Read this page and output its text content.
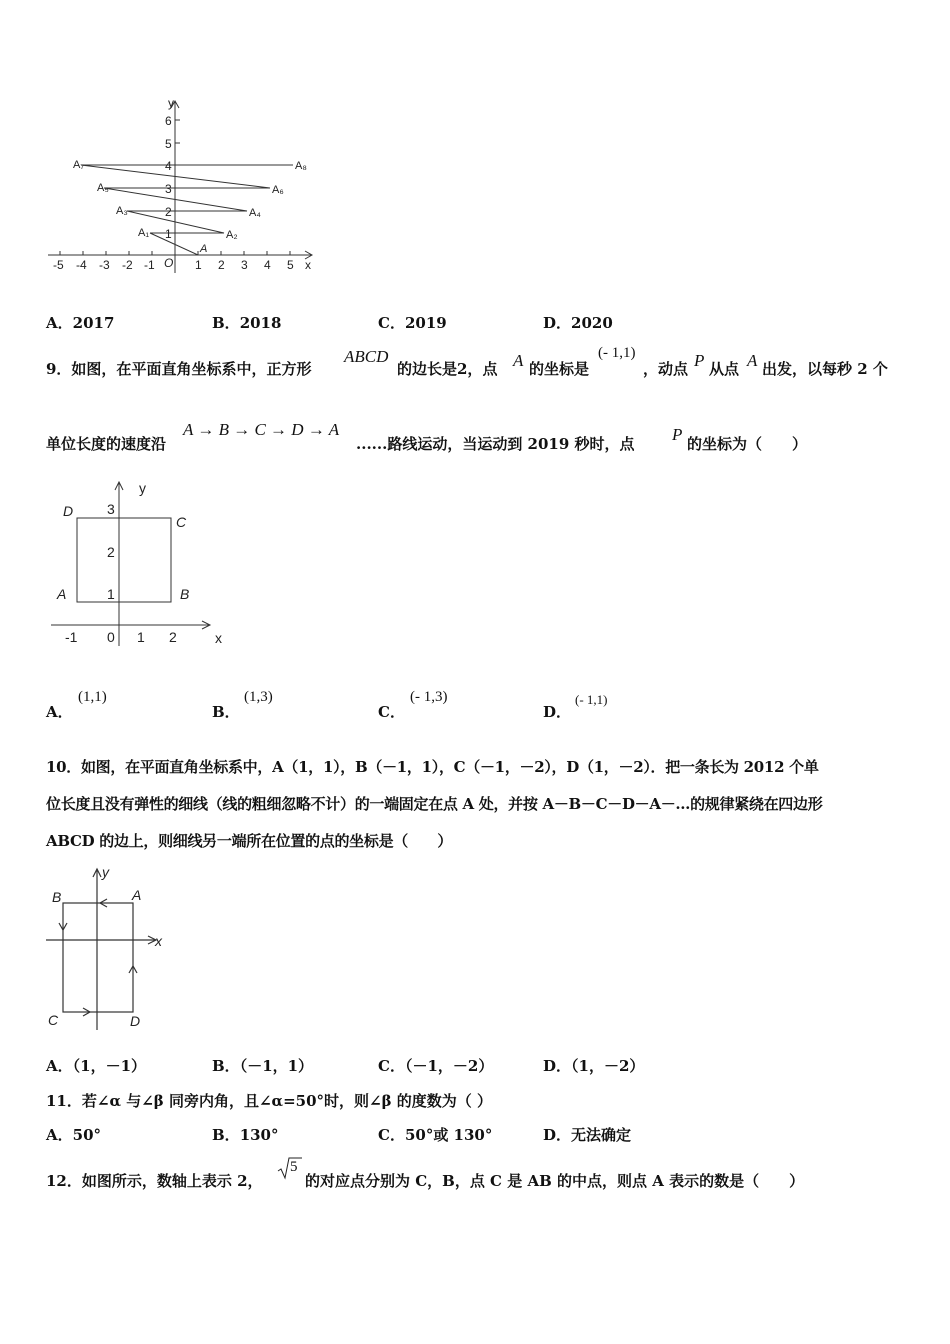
y
x
O
1
2
3
4
5
6
-5 -4 -3 -2 -1	1 2 3 4 5
A
A₁	A₂
A₃	A₄
A₅	A₆
A₇	A₈
A．2017	B．2018	C．2019	D．2020
9．如图，在平面直角坐标系中，正方形
ABCD
的边长是2，点 A 的坐标是
(- 1,1)
，动点 P 从点 A 出发，以每秒 2 个
单位长度的速度沿
A → B → C → D → A
......路线运动，当运动到 2019 秒时，点 P 的坐标为（　　）
y
x
D
C
A	B
3
2
1
-1 0 1 2
A．
(1,1)
B．
(1,3)
C．
(- 1,3)
D．
(- 1,1)
10．如图，在平面直角坐标系中，A（1，1），B（－1，1），C（－1，－2），D（1，－2）．把一条长为 2012 个单
位长度且没有弹性的细线（线的粗细忽略不计）的一端固定在点 A 处，并按 A－B－C－D－A－…的规律紧绕在四边形
ABCD 的边上，则细线另一端所在位置的点的坐标是（　　）
y
x
B	A
C	D
A．（1，－1）	B．（－1，1）	C．（－1，－2）	D．（1，－2）
11．若∠α 与∠β 同旁内角，且∠α=50°时，则∠β 的度数为（ ）
A．50°	B．130°	C．50°或 130°	D．无法确定
12．如图所示，数轴上表示 2，
5
的对应点分别为 C，B，点 C 是 AB 的中点，则点 A 表示的数是（　　）
